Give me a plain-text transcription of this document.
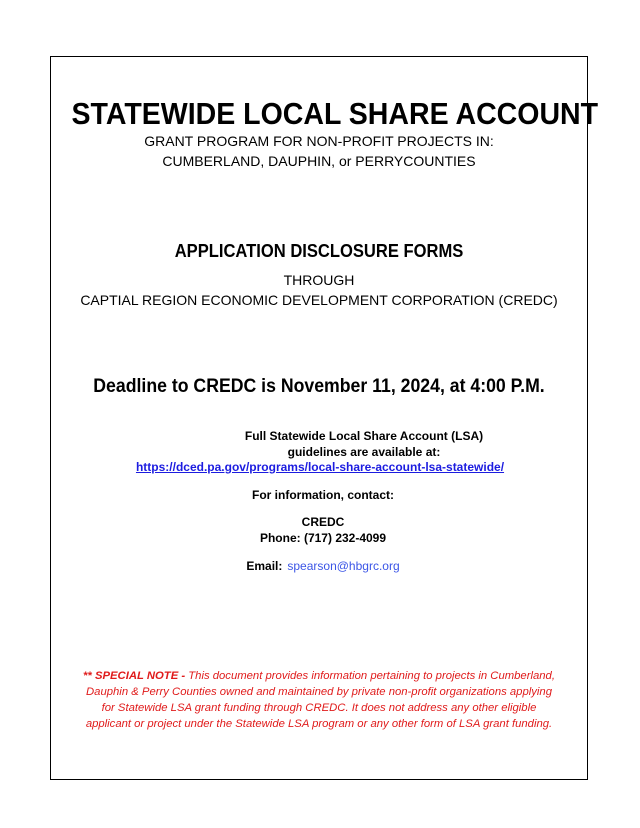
STATEWIDE LOCAL SHARE ACCOUNT
GRANT PROGRAM FOR NON-PROFIT PROJECTS IN:
CUMBERLAND, DAUPHIN, or PERRYCOUNTIES
APPLICATION DISCLOSURE FORMS
THROUGH
CAPTIAL REGION ECONOMIC DEVELOPMENT CORPORATION (CREDC)
Deadline to CREDC is November 11, 2024, at 4:00 P.M.
Full Statewide Local Share Account (LSA)
guidelines are available at:
https://dced.pa.gov/programs/local-share-account-lsa-statewide/
For information, contact:
CREDC
Phone: (717) 232-4099
Email: spearson@hbgrc.org
** SPECIAL NOTE - This document provides information pertaining to projects in Cumberland, Dauphin & Perry Counties owned and maintained by private non-profit organizations applying for Statewide LSA grant funding through CREDC. It does not address any other eligible applicant or project under the Statewide LSA program or any other form of LSA grant funding.
